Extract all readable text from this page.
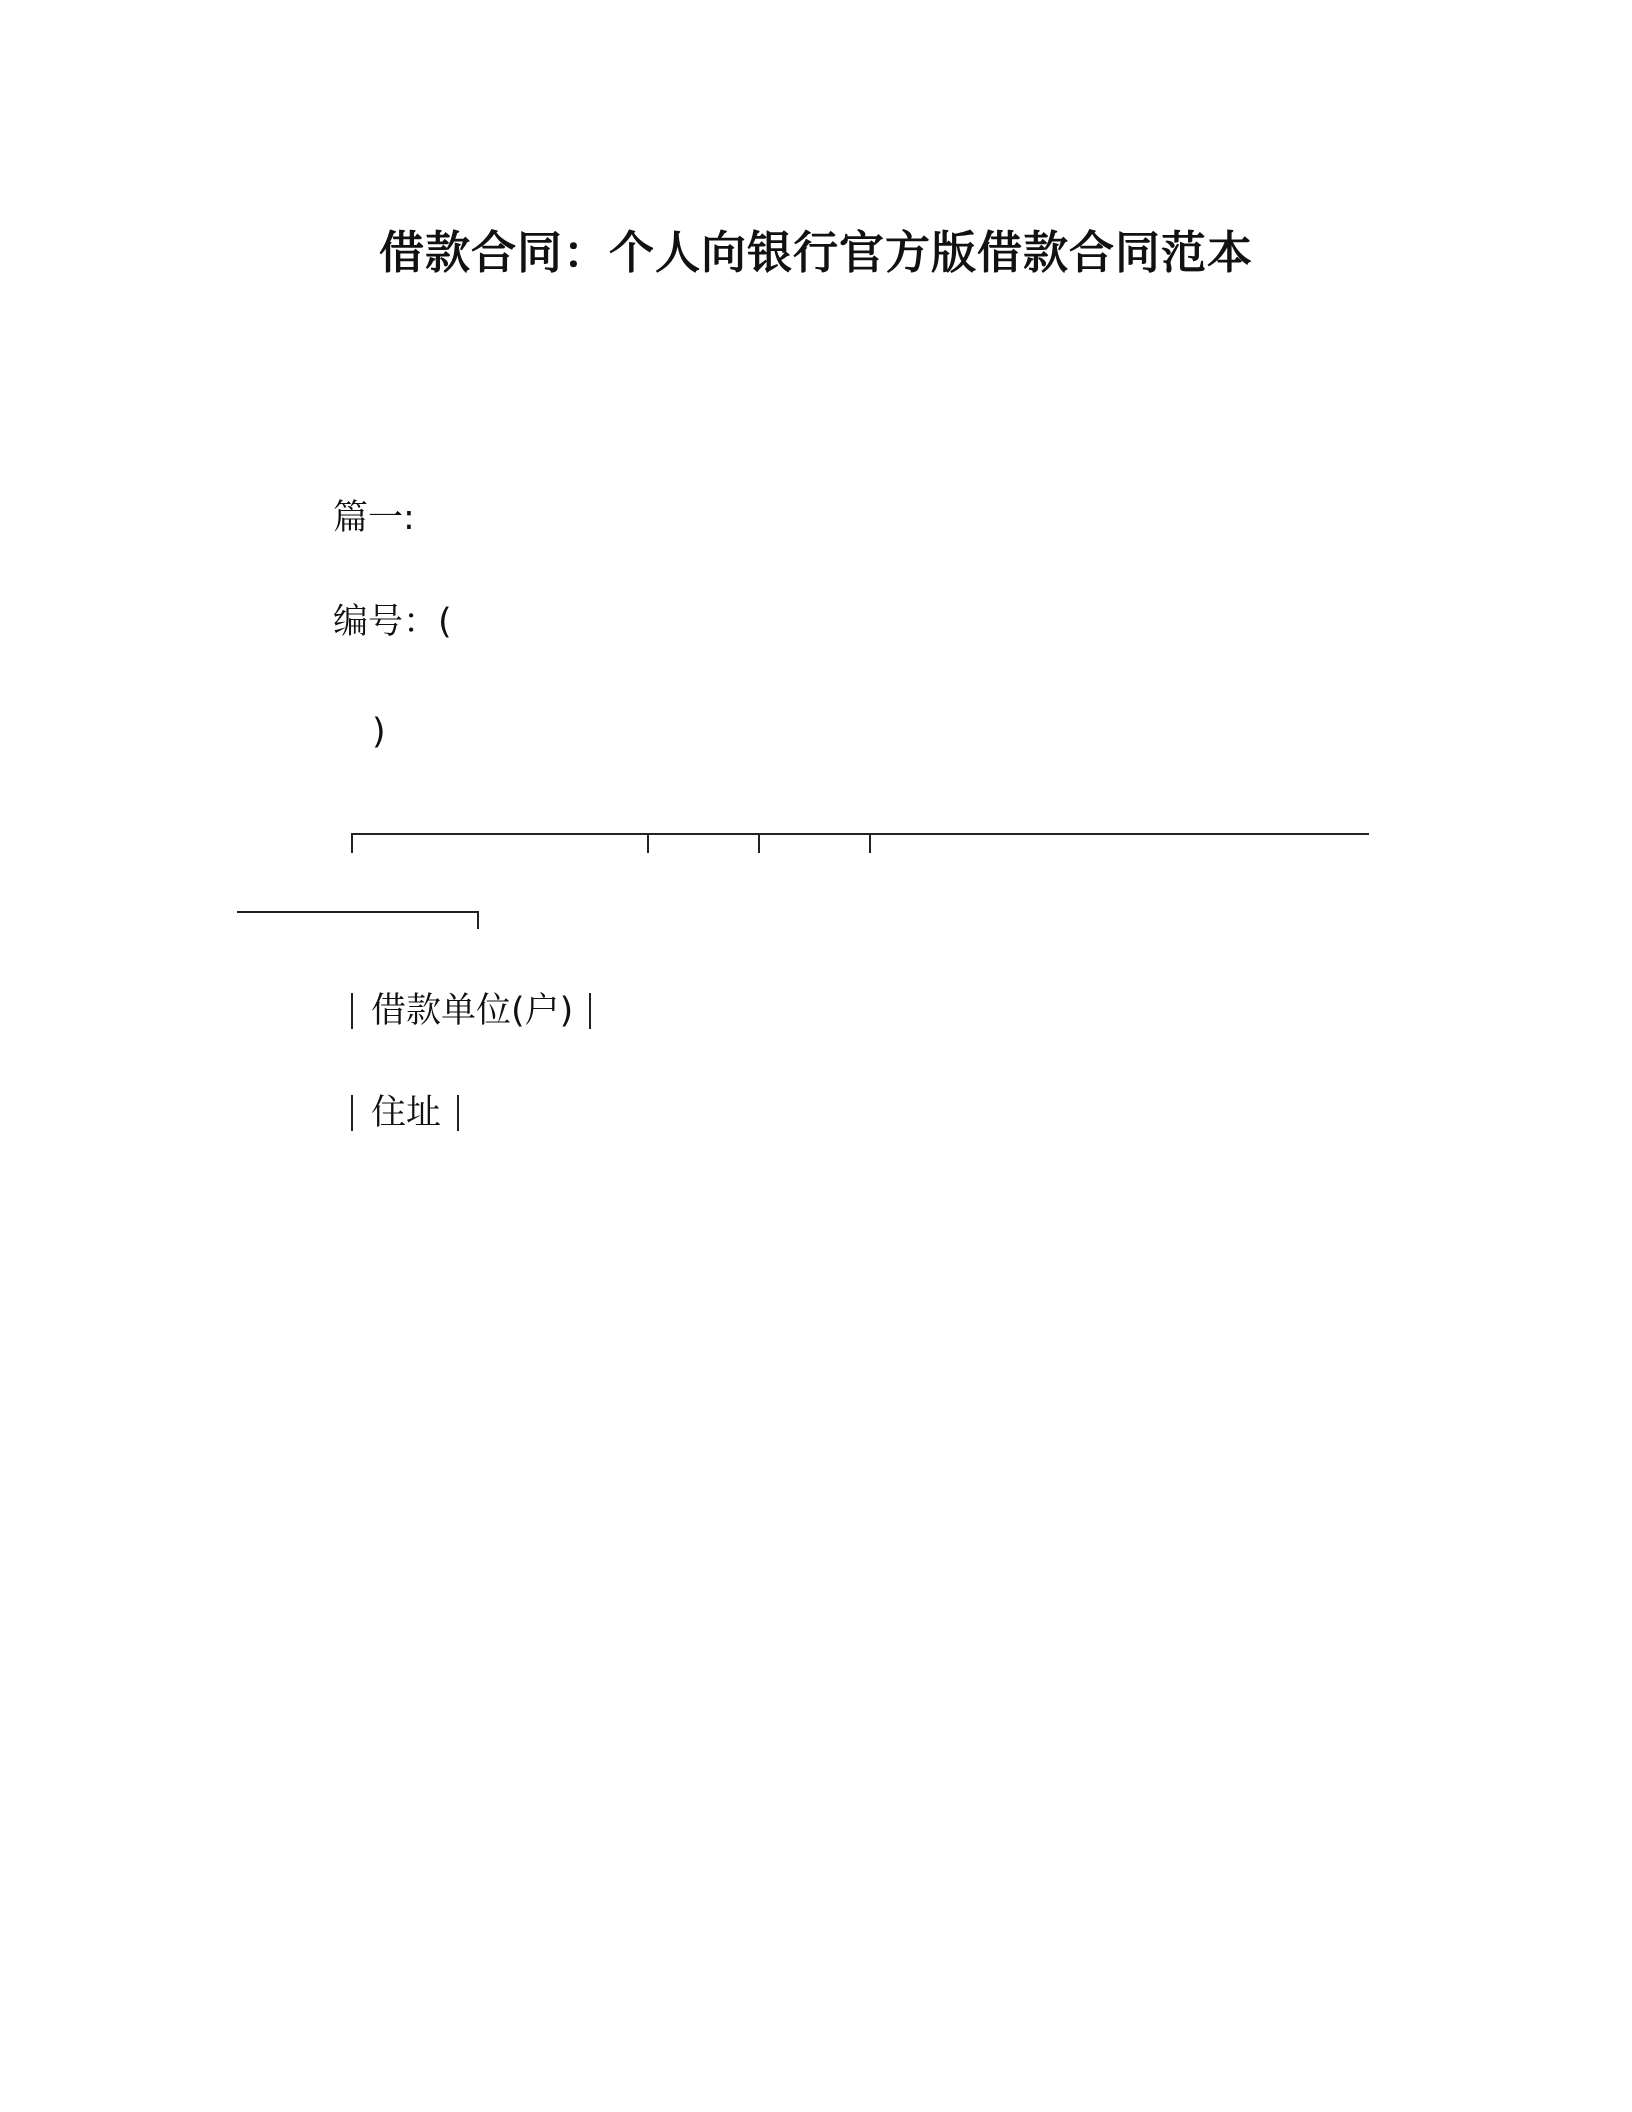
借款合同：个人向银行官方版借款合同范本
篇一:
编号：(
)
借款单位(户)
住址
